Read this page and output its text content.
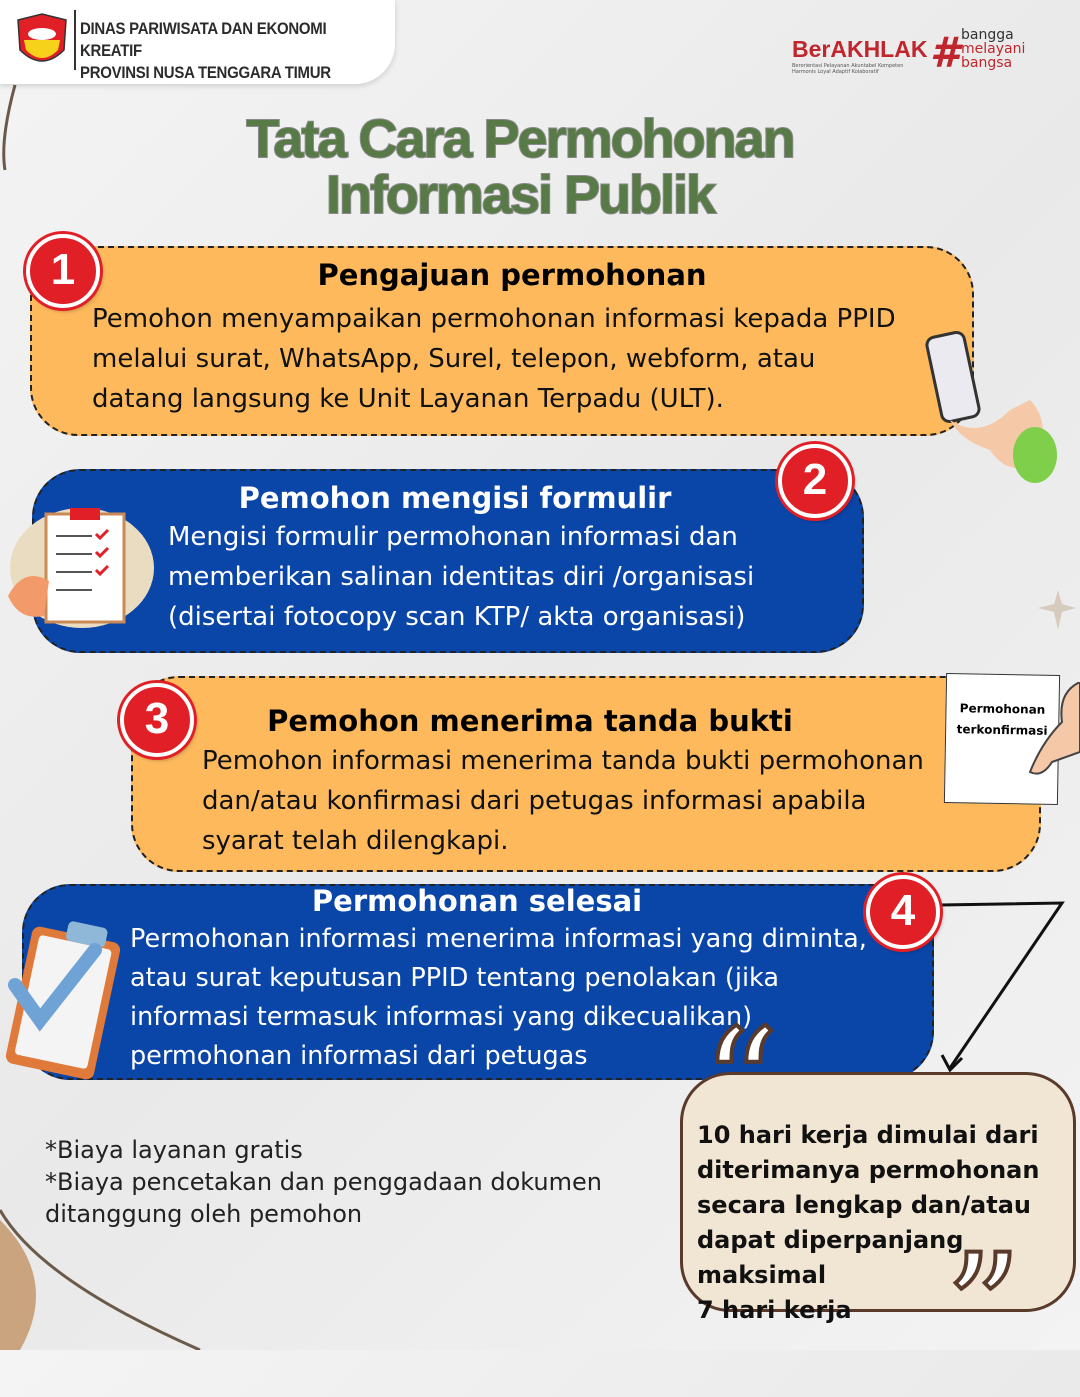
DINAS PARIWISATA DAN EKONOMI KREATIF
PROVINSI NUSA TENGGARA TIMUR
BerAKHLAK
Berorientasi Pelayanan Akuntabel Kompeten
Harmonis Loyal Adaptif Kolaboratif	# bangga
melayani
bangsa
Tata Cara Permohonan
Informasi Publik
Pengajuan permohonan
Pemohon menyampaikan permohonan informasi kepada PPID
melalui surat, WhatsApp, Surel, telepon, webform, atau
datang langsung ke Unit Layanan Terpadu (ULT).
1
Pemohon mengisi formulir
Mengisi formulir permohonan informasi dan
memberikan salinan identitas diri /organisasi
(disertai fotocopy scan KTP/ akta organisasi)
2
Pemohon menerima tanda bukti
Pemohon informasi menerima tanda bukti permohonan
dan/atau konfirmasi dari petugas informasi apabila
syarat telah dilengkapi.
3	Permohonan
terkonfirmasi
Permohonan selesai
Permohonan informasi menerima informasi yang diminta,
atau surat keputusan PPID tentang penolakan (jika
informasi termasuk informasi yang dikecualikan)
permohonan informasi dari petugas
4
*Biaya layanan gratis
*Biaya pencetakan dan penggadaan dokumen
ditanggung oleh pemohon
“
”
10 hari kerja dimulai dari
diterimanya permohonan
secara lengkap dan/atau
dapat diperpanjang maksimal
7 hari kerja
